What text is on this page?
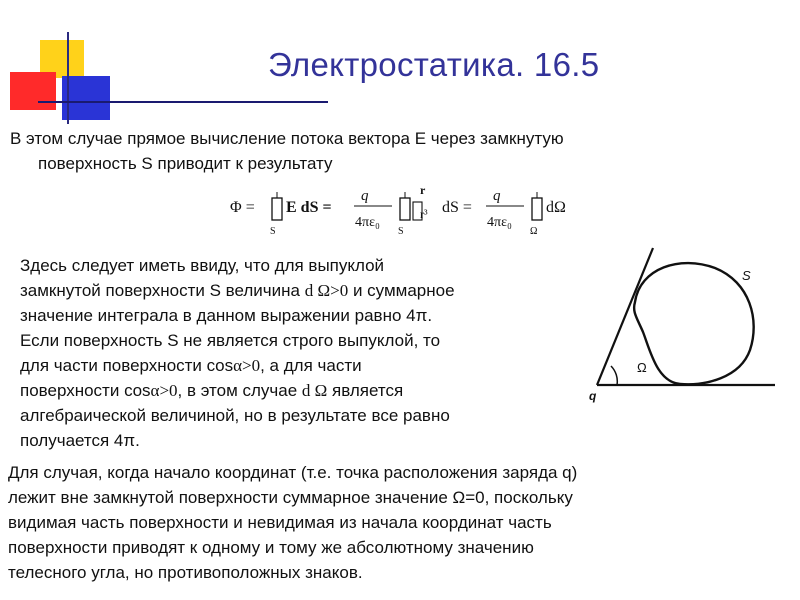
Электростатика. 16.5
В этом случае прямое вычисление потока вектора E через замкнутую
поверхность S приводит к результату
Φ =
S
E dS =
q
4πε₀
S
r
r³ dS =
q
4πε₀
Ω
dΩ
Здесь следует иметь ввиду, что для выпуклой
замкнутой поверхности S величина d Ω>0 и суммарное
значение интеграла в данном выражении равно 4π.
Если поверхность S не является строго выпуклой, то
для части поверхности cosα>0, а для части
поверхности cosα>0, в этом случае d Ω является
алгебраической величиной, но в результате все равно
получается 4π.
Для случая, когда начало координат (т.е. точка расположения заряда q)
лежит вне замкнутой поверхности суммарное значение Ω=0, поскольку
видимая часть поверхности и невидимая из начала координат часть
поверхности приводят к одному и тому же абсолютному значению
телесного угла, но противоположных знаков.
S
Ω
q
